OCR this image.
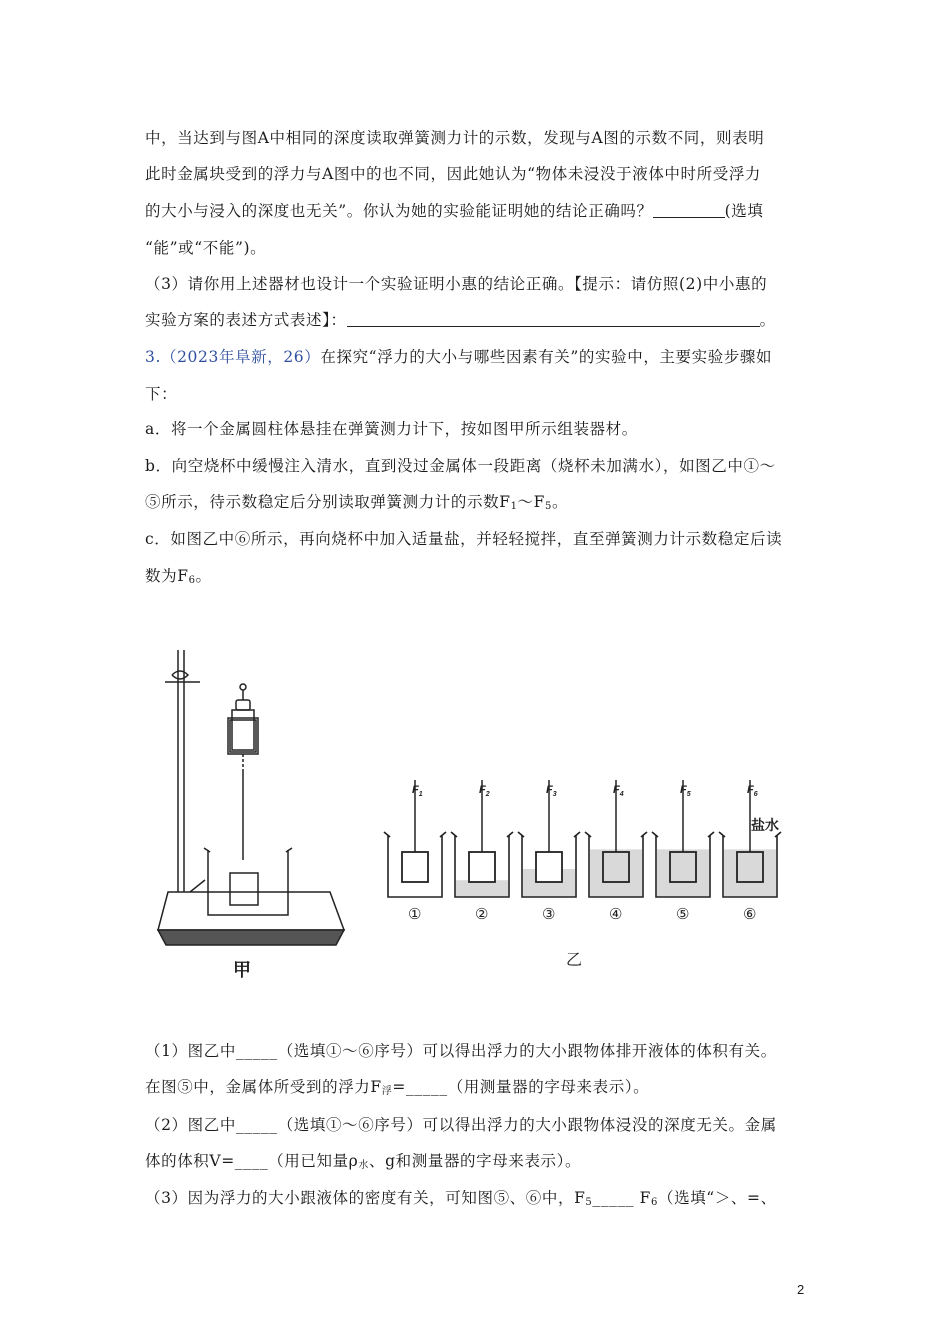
中，当达到与图A中相同的深度读取弹簧测力计的示数，发现与A图的示数不同，则表明
此时金属块受到的浮力与A图中的也不同，因此她认为“物体未浸没于液体中时所受浮力
的大小与浸入的深度也无关”。你认为她的实验能证明她的结论正确吗？	(选填
“能”或“不能”)。
（3）请你用上述器材也设计一个实验证明小惠的结论正确。【提示：请仿照(2)中小惠的
实验方案的表述方式表述】：	。
3.（2023年阜新，26）在探究“浮力的大小与哪些因素有关”的实验中，主要实验步骤如
下：
a．将一个金属圆柱体悬挂在弹簧测力计下，按如图甲所示组装器材。
b．向空烧杯中缓慢注入清水，直到没过金属体一段距离（烧杯未加满水），如图乙中①～
⑤所示，待示数稳定后分别读取弹簧测力计的示数$F_1\sim F_5$。
c．如图乙中⑥所示，再向烧杯中加入适量盐，并轻轻搅拌，直至弹簧测力计示数稳定后读
数为$F_6$。
甲
$F_1$
①
$F_2$
②
$F_3$
③
$F_4$
④
$F_5$
⑤
$F_6$
⑥
盐水
乙
（1）图乙中_____（选填①～⑥序号）可以得出浮力的大小跟物体排开液体的体积有关。
在图⑤中，金属体所受到的浮力$F_浮=\_\_\_\_\_$（用测量器的字母来表示）。
（2）图乙中_____（选填①～⑥序号）可以得出浮力的大小跟物体浸没的深度无关。金属
体的体积V=____（用已知量$\rho_水$、g和测量器的字母来表示）。
（3）因为浮力的大小跟液体的密度有关，可知图⑤、⑥中，$F_5\_\_\_\_\_$ $F_6$（选填“＞、=、
2
